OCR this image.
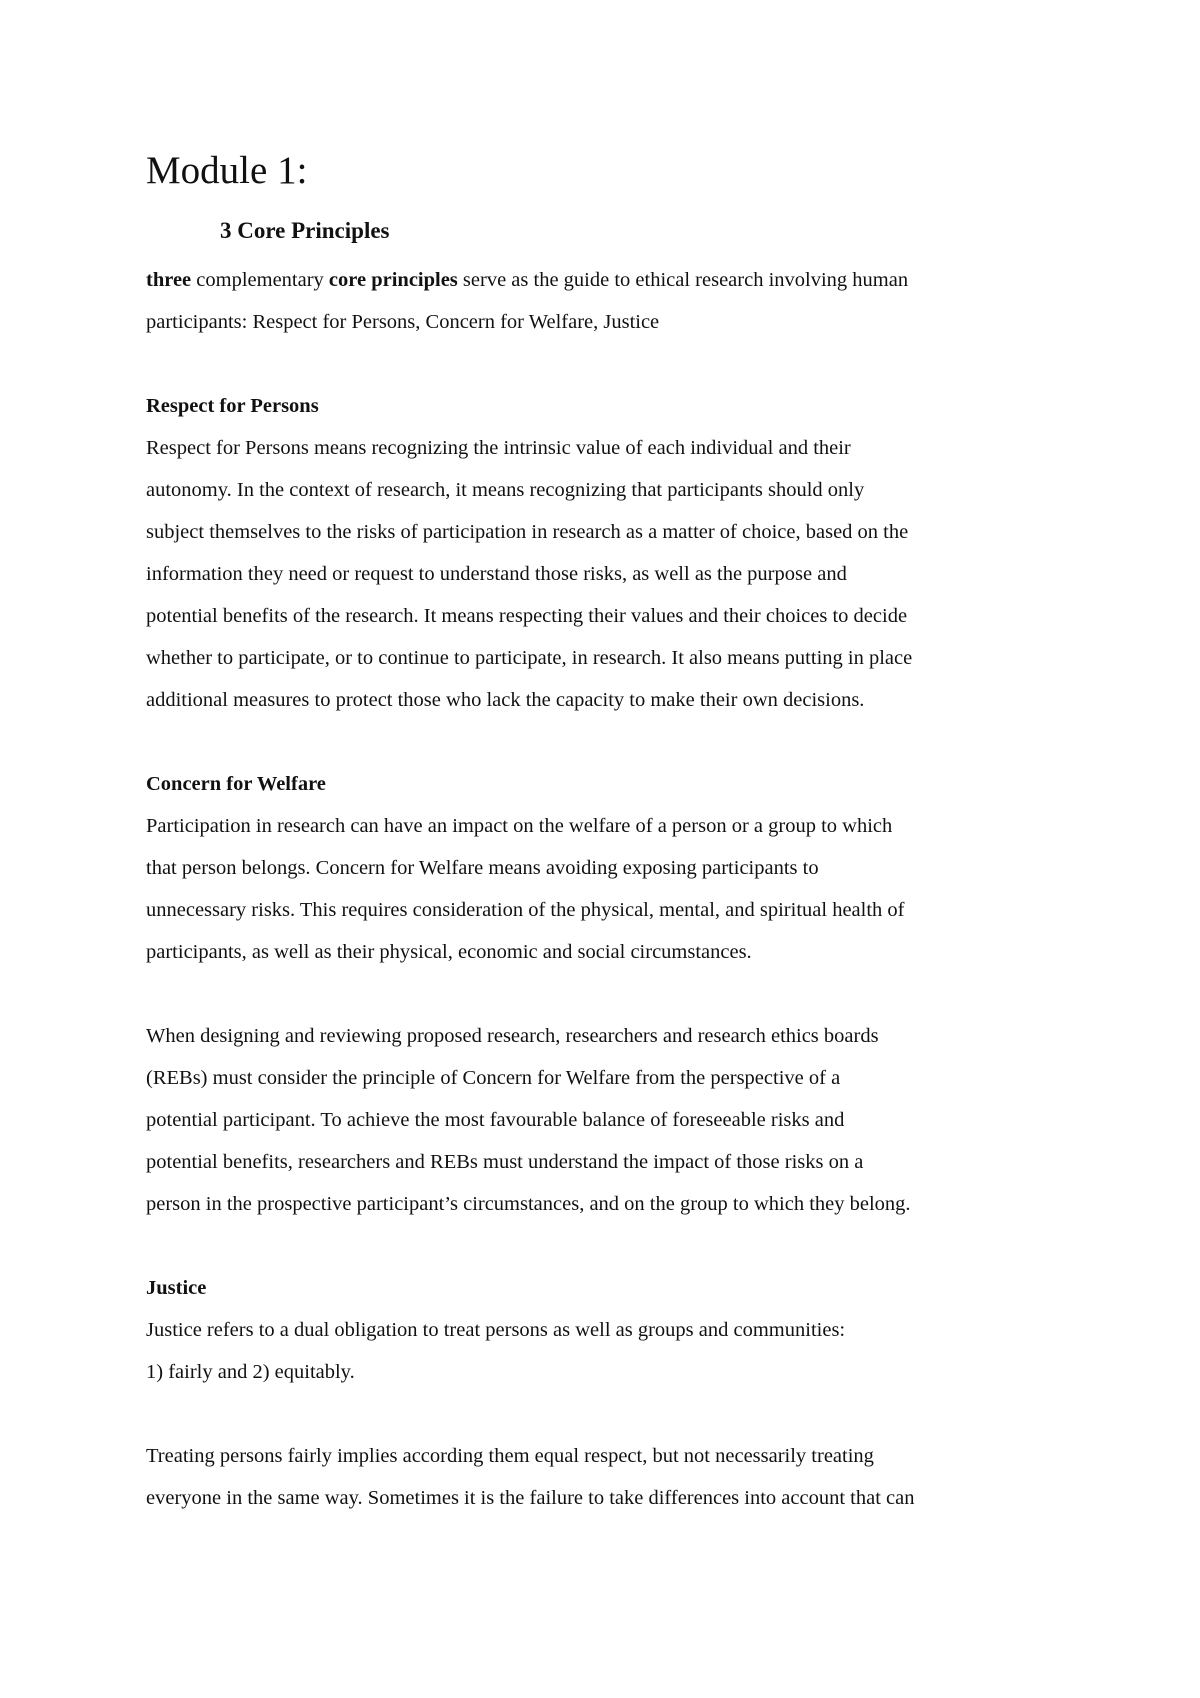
Module 1:
3 Core Principles

three complementary core principles serve as the guide to ethical research involving human

participants: Respect for Persons, Concern for Welfare, Justice

Respect for Persons

Respect for Persons means recognizing the intrinsic value of each individual and their

autonomy. In the context of research, it means recognizing that participants should only

subject themselves to the risks of participation in research as a matter of choice, based on the

information they need or request to understand those risks, as well as the purpose and

potential benefits of the research. It means respecting their values and their choices to decide

whether to participate, or to continue to participate, in research. It also means putting in place

additional measures to protect those who lack the capacity to make their own decisions.

Concern for Welfare

Participation in research can have an impact on the welfare of a person or a group to which

that person belongs. Concern for Welfare means avoiding exposing participants to

unnecessary risks. This requires consideration of the physical, mental, and spiritual health of

participants, as well as their physical, economic and social circumstances.

When designing and reviewing proposed research, researchers and research ethics boards

(REBs) must consider the principle of Concern for Welfare from the perspective of a

potential participant. To achieve the most favourable balance of foreseeable risks and

potential benefits, researchers and REBs must understand the impact of those risks on a

person in the prospective participant’s circumstances, and on the group to which they belong.

Justice

Justice refers to a dual obligation to treat persons as well as groups and communities:

1) fairly and 2) equitably.

Treating persons fairly implies according them equal respect, but not necessarily treating

everyone in the same way. Sometimes it is the failure to take differences into account that can
